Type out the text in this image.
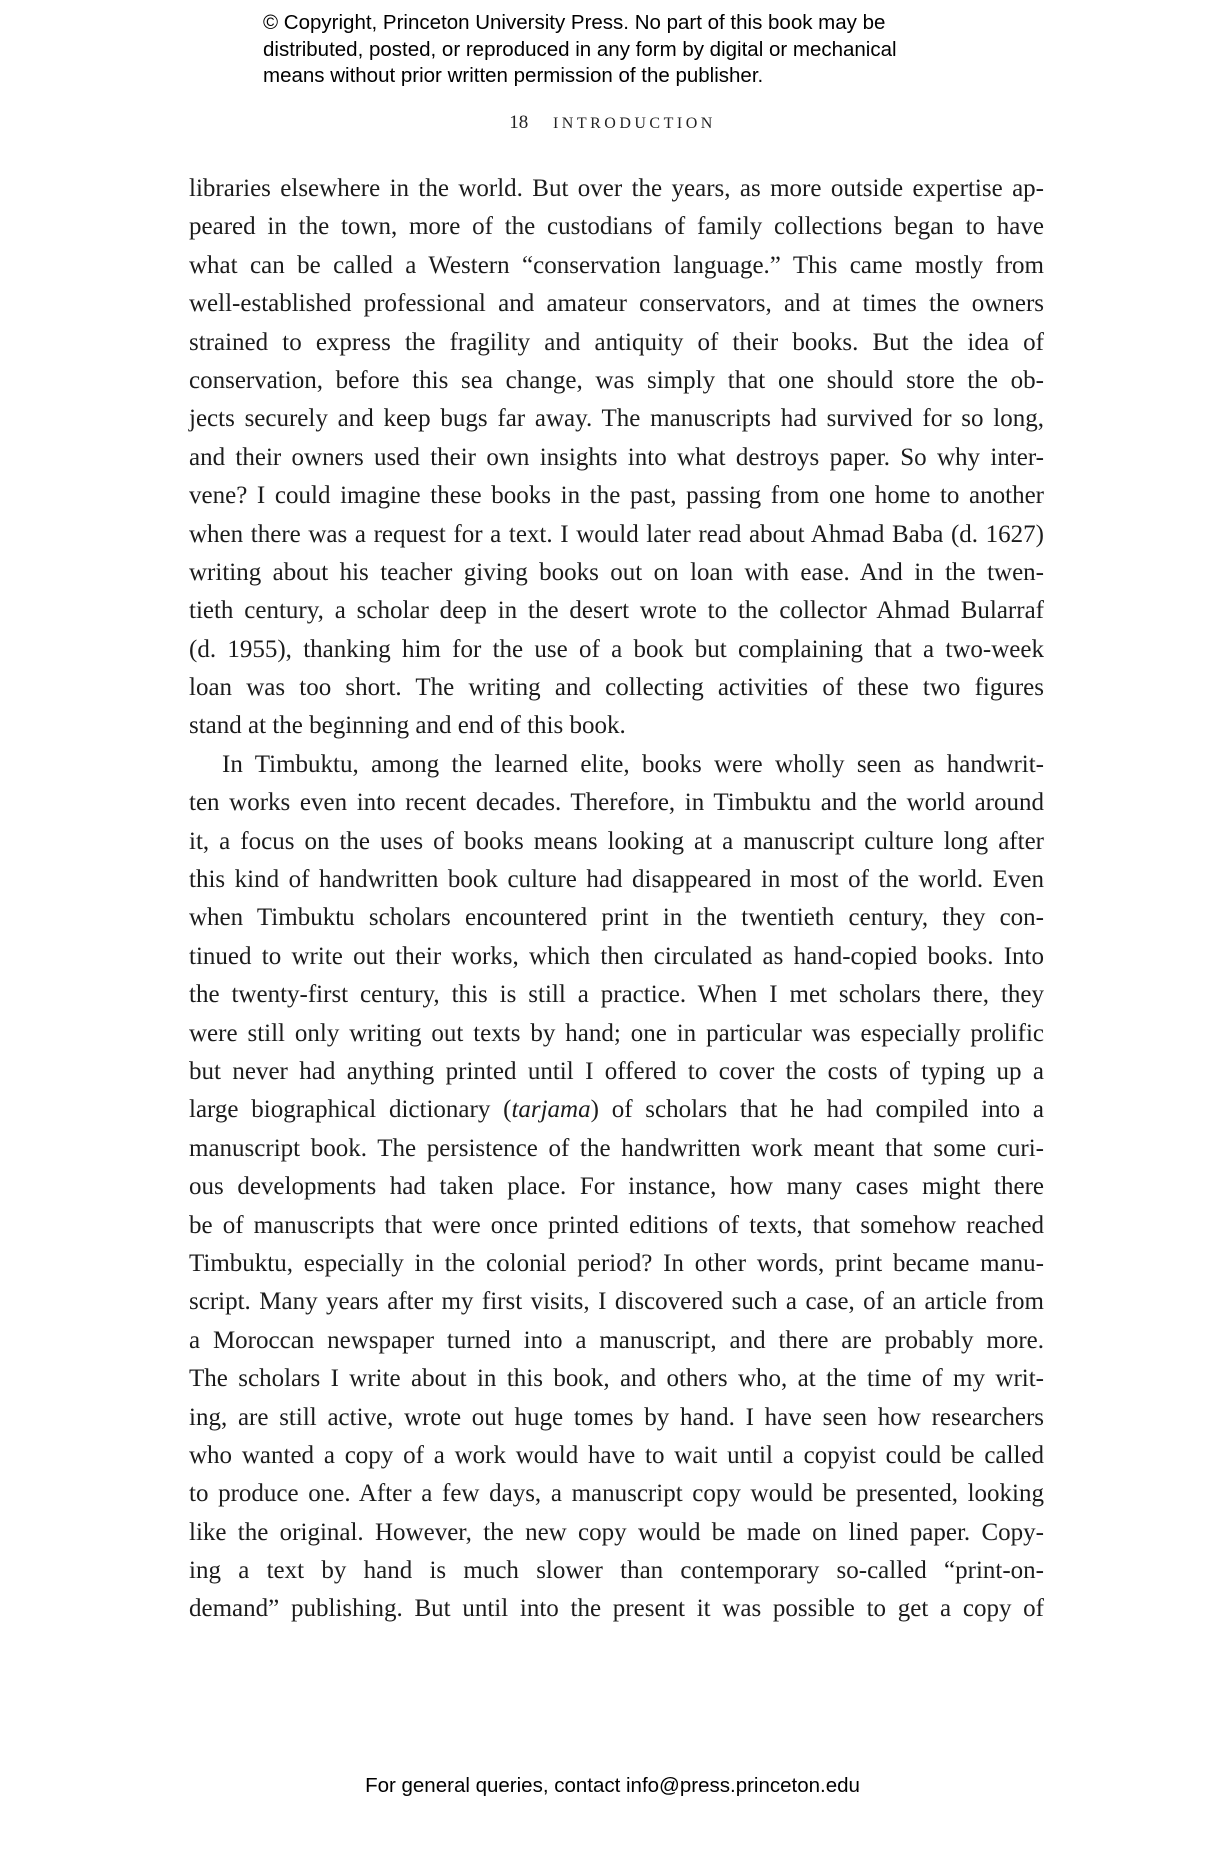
© Copyright, Princeton University Press. No part of this book may be
distributed, posted, or reproduced in any form by digital or mechanical
means without prior written permission of the publisher.
18 INTRODUCTION
libraries elsewhere in the world. But over the years, as more outside expertise ap-
peared in the town, more of the custodians of family collections began to have
what can be called a Western “conservation language.” This came mostly from
well-established professional and amateur conservators, and at times the owners
strained to express the fragility and antiquity of their books. But the idea of
conservation, before this sea change, was simply that one should store the ob-
jects securely and keep bugs far away. The manuscripts had survived for so long,
and their owners used their own insights into what destroys paper. So why inter-
vene? I could imagine these books in the past, passing from one home to another
when there was a request for a text. I would later read about Ahmad Baba (d. 1627)
writing about his teacher giving books out on loan with ease. And in the twen-
tieth century, a scholar deep in the desert wrote to the collector Ahmad Bularraf
(d. 1955), thanking him for the use of a book but complaining that a two-week
loan was too short. The writing and collecting activities of these two figures
stand at the beginning and end of this book.
In Timbuktu, among the learned elite, books were wholly seen as handwrit-
ten works even into recent decades. Therefore, in Timbuktu and the world around
it, a focus on the uses of books means looking at a manuscript culture long after
this kind of handwritten book culture had disappeared in most of the world. Even
when Timbuktu scholars encountered print in the twentieth century, they con-
tinued to write out their works, which then circulated as hand-copied books. Into
the twenty-first century, this is still a practice. When I met scholars there, they
were still only writing out texts by hand; one in particular was especially prolific
but never had anything printed until I offered to cover the costs of typing up a
large biographical dictionary (tarjama) of scholars that he had compiled into a
manuscript book. The persistence of the handwritten work meant that some curi-
ous developments had taken place. For instance, how many cases might there
be of manuscripts that were once printed editions of texts, that somehow reached
Timbuktu, especially in the colonial period? In other words, print became manu-
script. Many years after my first visits, I discovered such a case, of an article from
a Moroccan newspaper turned into a manuscript, and there are probably more.
The scholars I write about in this book, and others who, at the time of my writ-
ing, are still active, wrote out huge tomes by hand. I have seen how researchers
who wanted a copy of a work would have to wait until a copyist could be called
to produce one. After a few days, a manuscript copy would be presented, looking
like the original. However, the new copy would be made on lined paper. Copy-
ing a text by hand is much slower than contemporary so-called “print-on-
demand” publishing. But until into the present it was possible to get a copy of
For general queries, contact info@press.princeton.edu
